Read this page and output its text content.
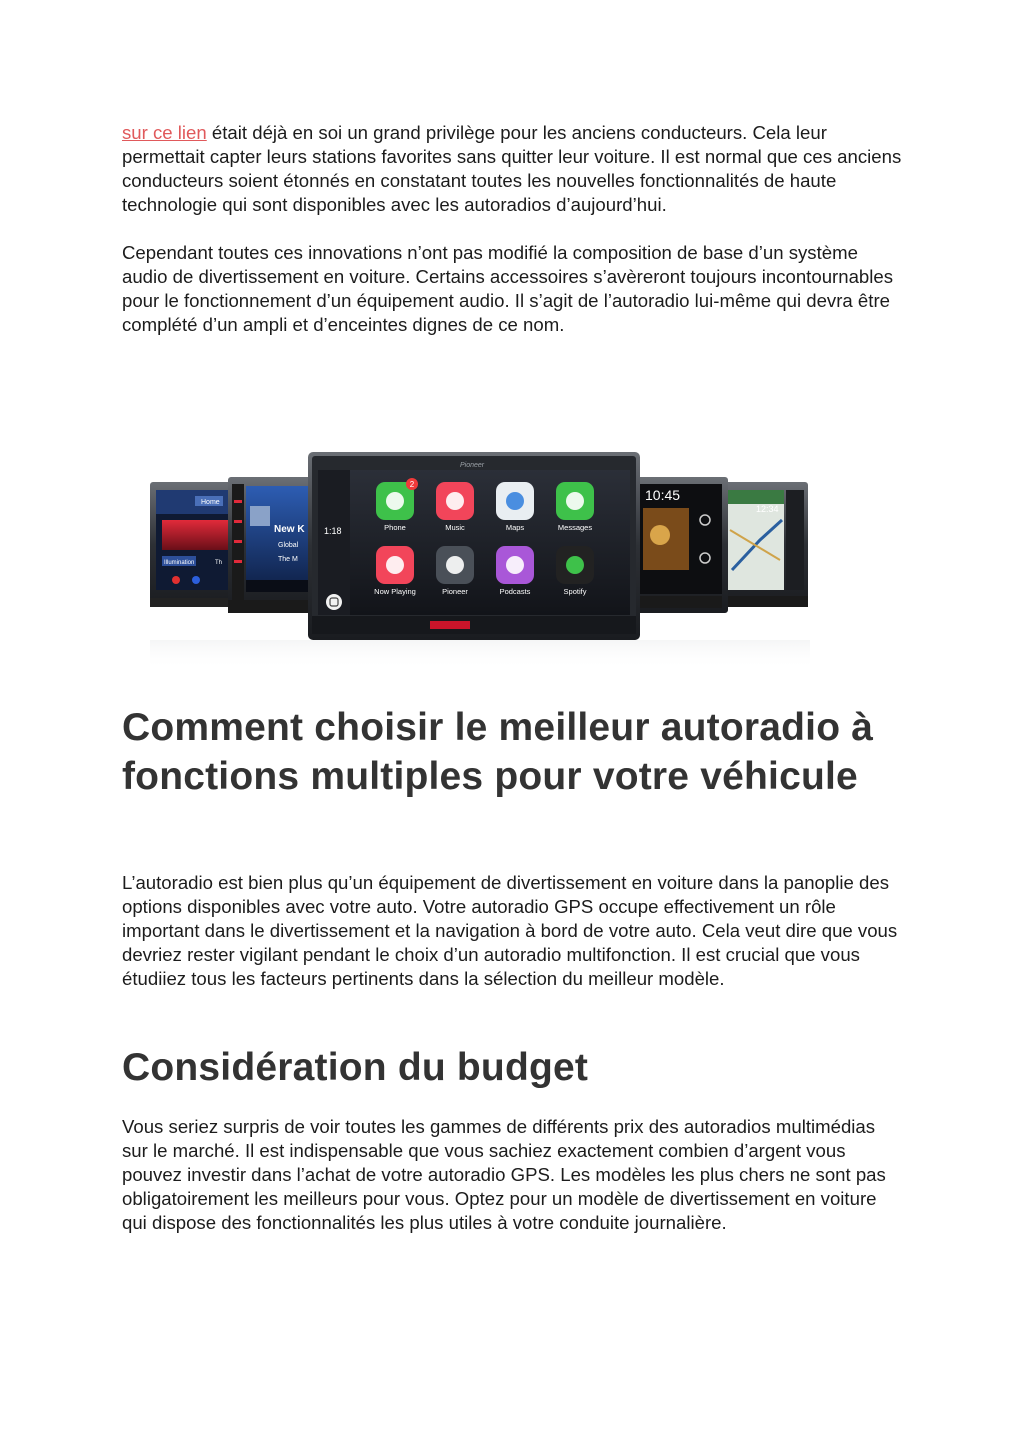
sur ce lien était déjà en soi un grand privilège pour les anciens conducteurs. Cela leur permettait capter leurs stations favorites sans quitter leur voiture. Il est normal que ces anciens conducteurs soient étonnés en constatant toutes les nouvelles fonctionnalités de haute technologie qui sont disponibles avec les autoradios d’aujourd’hui.

Cependant toutes ces innovations n’ont pas modifié la composition de base d’un système audio de divertissement en voiture. Certains accessoires s’avèreront toujours incontournables pour le fonctionnement d’un équipement audio. Il s’agit de l’autoradio lui-même qui devra être complété d’un ampli et d’enceintes dignes de ce nom.

Home
Illumination	Th
New K
Global
The M
12:34
10:45
Pioneer
1:18	Phone	Music	Maps	Messages
Now Playing	Pioneer	Podcasts	Spotify
2
Comment choisir le meilleur autoradio à fonctions multiples pour votre véhicule

L’autoradio est bien plus qu’un équipement de divertissement en voiture dans la panoplie des options disponibles avec votre auto. Votre autoradio GPS occupe effectivement un rôle important dans le divertissement et la navigation à bord de votre auto. Cela veut dire que vous devriez rester vigilant pendant le choix d’un autoradio multifonction. Il est crucial que vous étudiiez tous les facteurs pertinents dans la sélection du meilleur modèle.

Considération du budget

Vous seriez surpris de voir toutes les gammes de différents prix des autoradios multimédias sur le marché. Il est indispensable que vous sachiez exactement combien d’argent vous pouvez investir dans l’achat de votre autoradio GPS. Les modèles les plus chers ne sont pas obligatoirement les meilleurs pour vous. Optez pour un modèle de divertissement en voiture qui dispose des fonctionnalités les plus utiles à votre conduite journalière.
